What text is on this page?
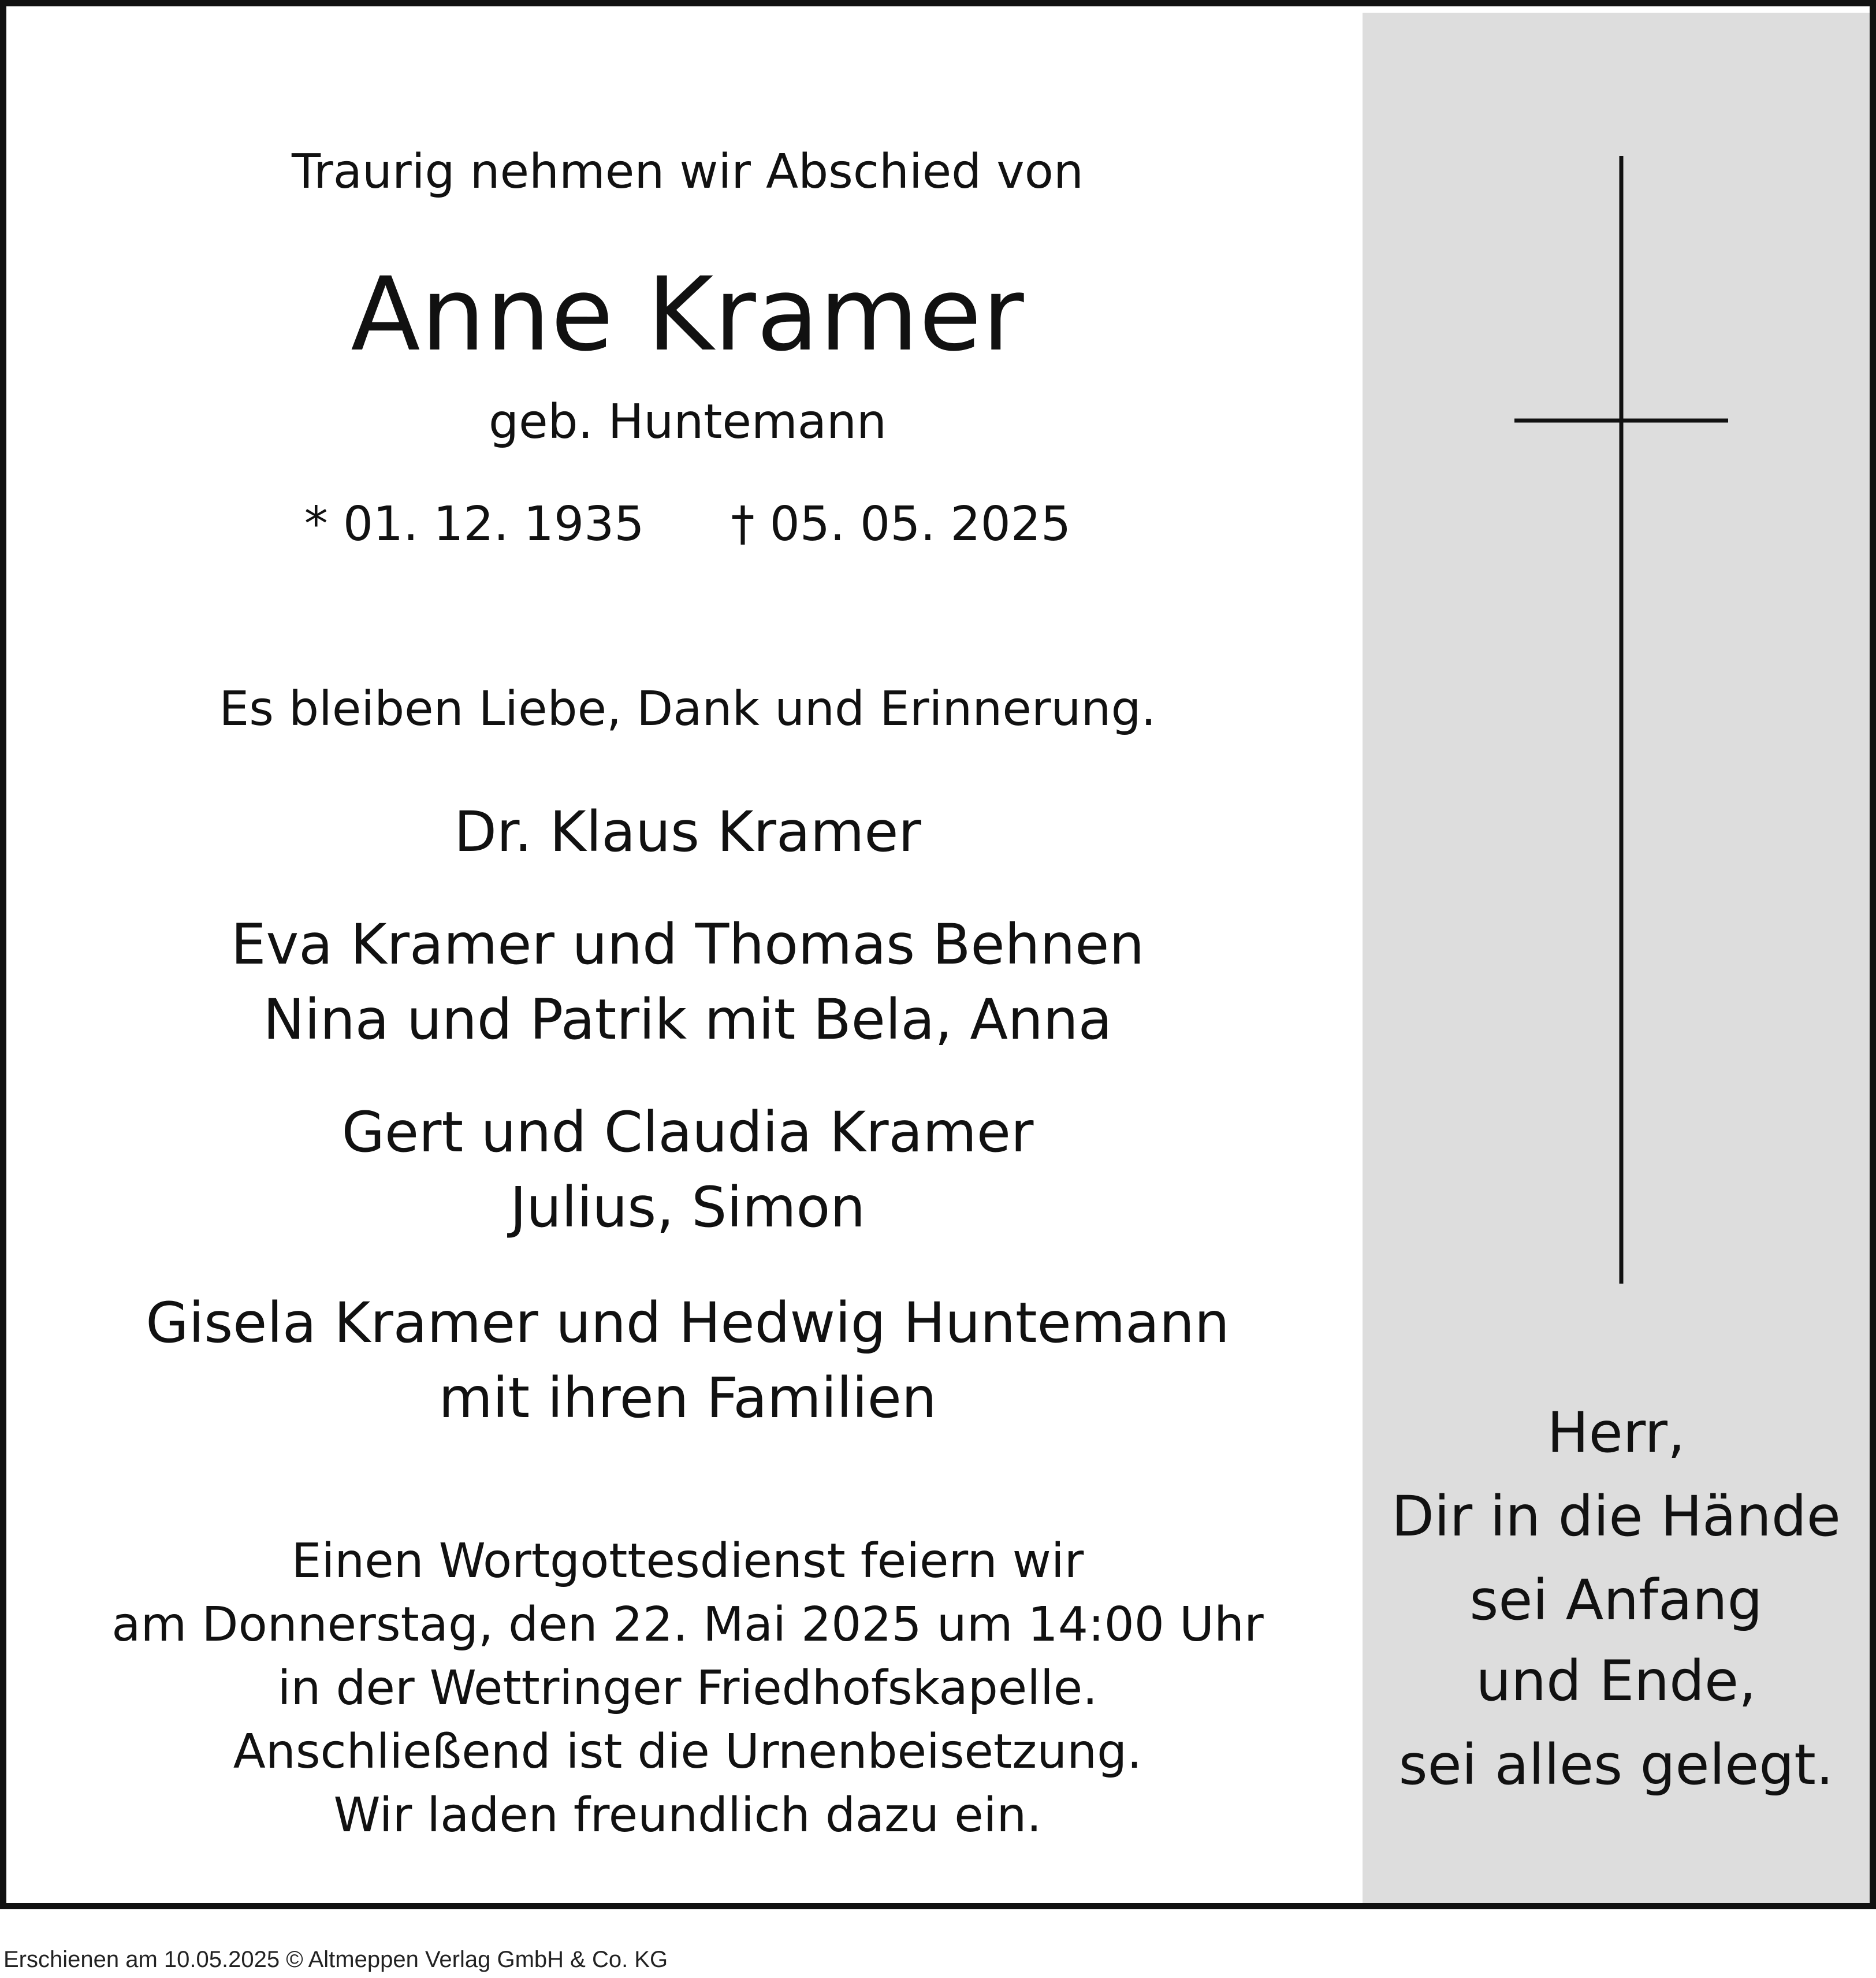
Traurig nehmen wir Abschied von
Anne Kramer
geb. Huntemann
* 01. 12. 1935 † 05. 05. 2025
Es bleiben Liebe, Dank und Erinnerung.
Dr. Klaus Kramer
Eva Kramer und Thomas Behnen
Nina und Patrik mit Bela, Anna
Gert und Claudia Kramer
Julius, Simon
Gisela Kramer und Hedwig Huntemann
mit ihren Familien
Einen Wortgottesdienst feiern wir
am Donnerstag, den 22. Mai 2025 um 14:00 Uhr
in der Wettringer Friedhofskapelle.
Anschließend ist die Urnenbeisetzung.
Wir laden freundlich dazu ein.
Herr,
Dir in die Hände
sei Anfang
und Ende,
sei alles gelegt.
Erschienen am 10.05.2025 © Altmeppen Verlag GmbH & Co. KG
